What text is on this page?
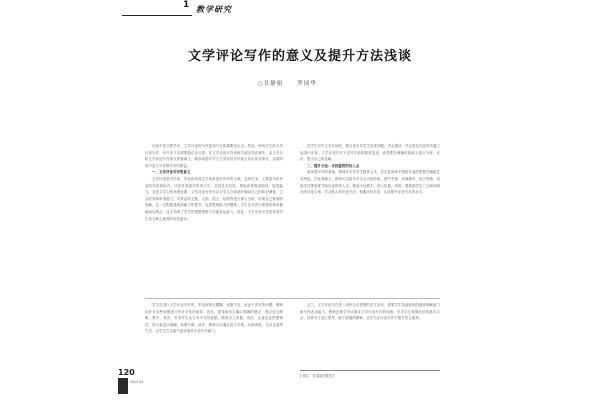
1 教学研究
文学评论写作的意义及提升方法浅谈
○甘静娟	罗国华

在高中语文教学中，文学评论的写作是读与写的重要结合点。然而，审视学生的文学评论写作，有许多不足需要我们去反思，在文学评论写作训练方面还存在缺失。本文在分析文学评论写作意义的基础上，就如何提升学生文学评论写作能力作出初步探讨，以期对高中语文写作教学有所裨益。

一、文学评论写作的意义

文学评论是对作家、作品和其他文学现象进行评价的文章。它的任务，主要是分析作品的内容和形式，评论作者创作的得与失，总结艺术经验，帮助读者提高阅读、鉴赏能力。从语文学习的角度来看，文学评论写作可以让学生在阅读时调动自己的知识储备、生活经验和审美能力，对作品的主题、人物、语言、结构等进行深入分析，形成自己独到的见解。这一过程既是阅读能力的提升，也是思维能力的锻炼。学生在写作中需要有理有据地表达观点，这又培养了学生的逻辑思维与书面表达能力。因此，文学评论写作是培养学生语文核心素养的有效途径。

在学生写作文学评论时，要注意引导学生发现问题，学会提问，学会抓住作品的关键之处进行评析。文学评论写作不是对作品的简单复述，而是要在理解的基础上进行分析、评价，提出自己的见解。

二、提升方法：寻找鉴赏的切入点

阅读是写作的基础。教师应引导学生精读文本，在反复阅读中感悟作品的思想内涵和艺术特色。在此基础上，教师可以指导学生从人物形象、情节安排、环境描写、语言风格、表现手法等角度寻找评论的切入点，做到小处着手，深入挖掘。同时，要鼓励学生广泛阅读相关的评论文章，学习他人的评论方法，积累评论术语，从而提升评论写作的水平。

学生在进行文学评论写作时，常出现观点模糊、论据不足、论证不充分等问题。教师应针对这些问题进行有针对性的指导。首先，要帮助学生确立明确的观点，观点应当鲜明、集中。其次，引导学生从文本中寻找论据，做到言之有据。再次，注意论证的逻辑性，使文章层次清晰、条理分明。此外，教师可以通过范文引路、片段训练、互评互改等方式，让学生在实践中逐步提升评论写作能力。

总之，文学评论写作是一项综合性很强的语文活动，需要学生具备较好的阅读理解能力和写作表达能力。教师在教学中应重视文学评论写作的训练，引导学生掌握评论的基本方法，培养学生独立思考、敢于质疑的精神，让学生在评论写作中提升语文素养。

120
2012.04
[ 单位：甘肃省白银市 ]
